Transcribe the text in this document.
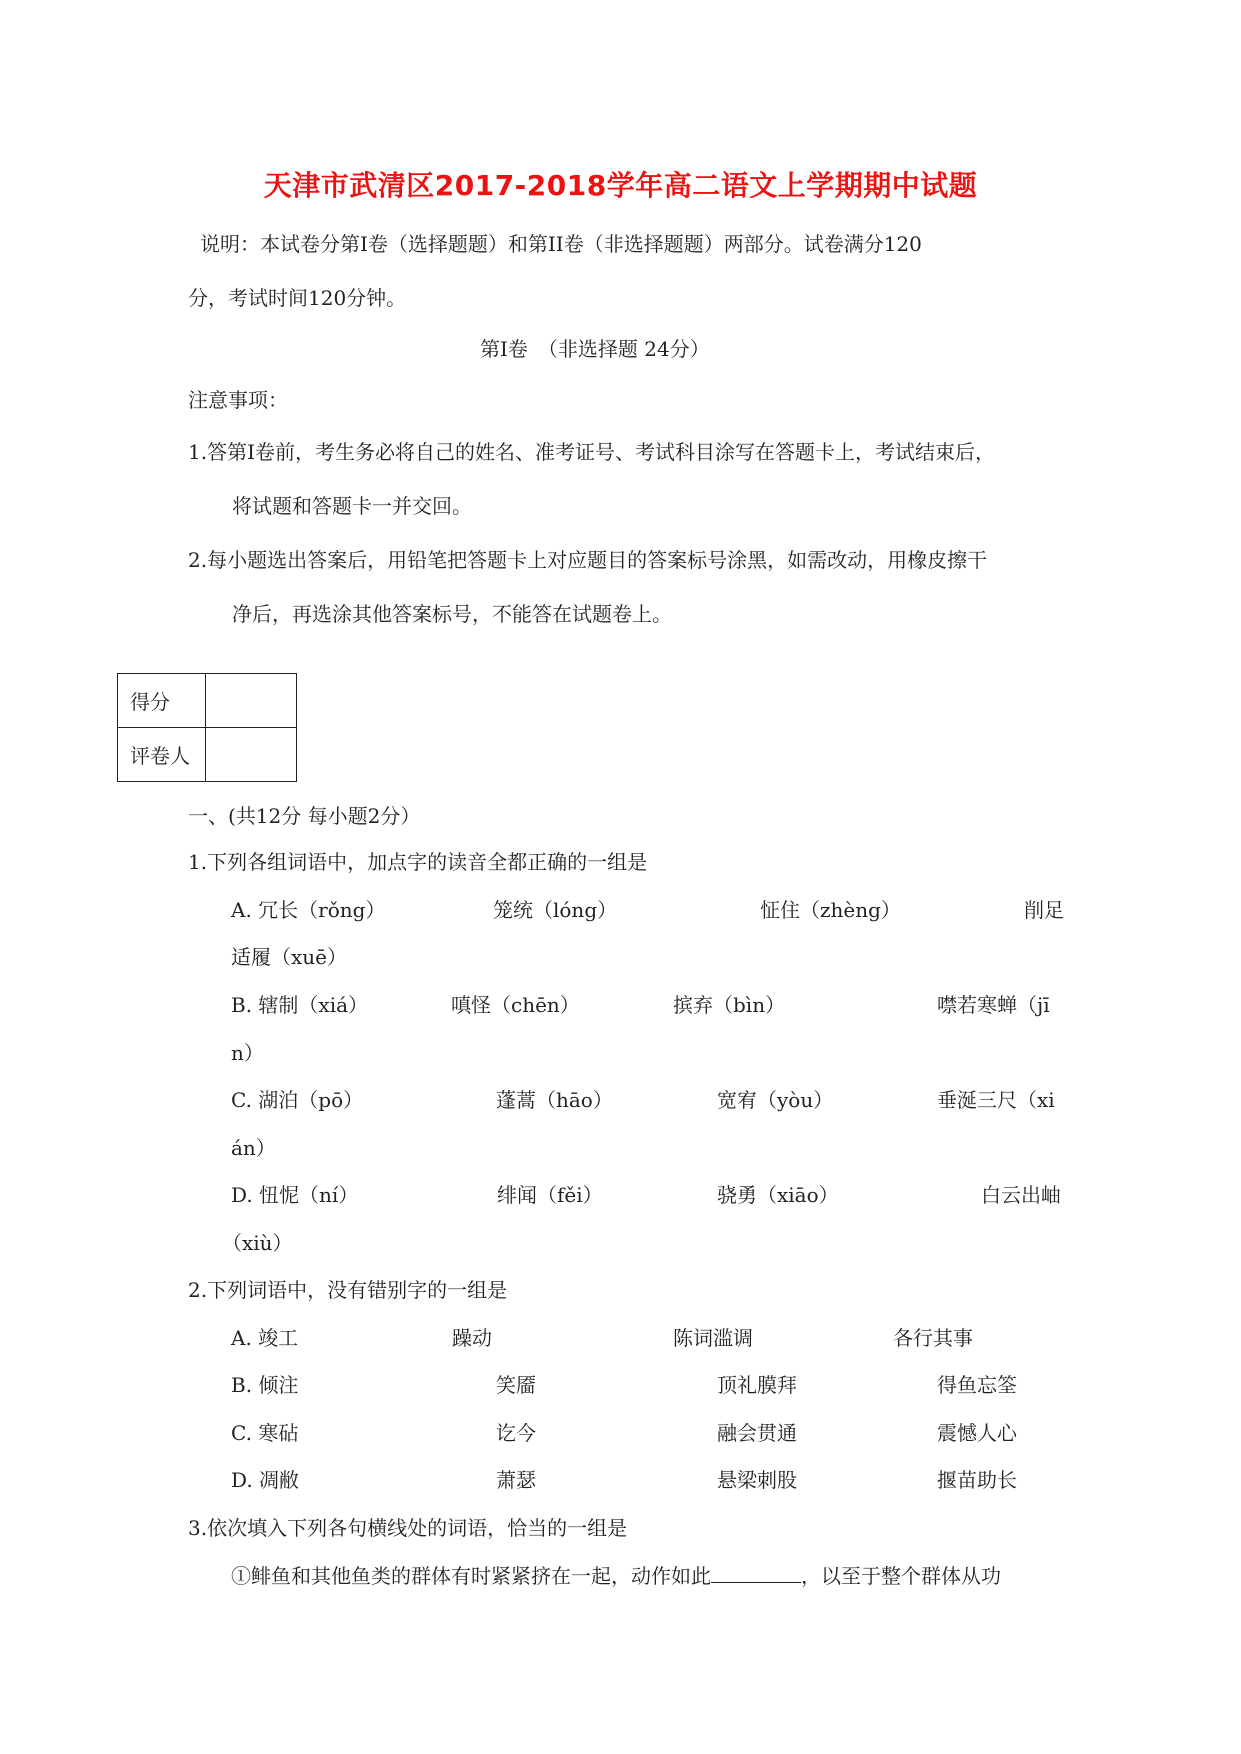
天津市武清区2017-2018学年高二语文上学期期中试题
说明：本试卷分第Ⅰ卷（选择题题）和第II卷（非选择题题）两部分。试卷满分120
分，考试时间120分钟。
第Ⅰ卷　（非选择题 24分）
注意事项：
1.答第Ⅰ卷前，考生务必将自己的姓名、准考证号、考试科目涂写在答题卡上，考试结束后，
将试题和答题卡一并交回。
2.每小题选出答案后，用铅笔把答题卡上对应题目的答案标号涂黑，如需改动，用橡皮擦干
净后，再选涂其他答案标号，不能答在试题卷上。
得分	
评卷人	
一、(共12分 每小题2分）
1.下列各组词语中，加点字的读音全都正确的一组是
A. 冗长（rǒng）	笼统（lóng）	怔住（zhèng）	削足
适履（xuē）
B. 辖制（xiá）	嗔怪（chēn）	摈弃（bìn）	噤若寒蝉（jī
n）
C. 湖泊（pō）	蓬蒿（hāo）	宽宥（yòu）	垂涎三尺（xi
án）
D. 忸怩（ní）	绯闻（fěi）	骁勇（xiāo）	白云出岫
（xiù）
2.下列词语中，没有错别字的一组是
A. 竣工	躁动	陈词滥调	各行其事
B. 倾注	笑靥	顶礼膜拜	得鱼忘筌
C. 寒砧	讫今	融会贯通	震憾人心
D. 凋敝	萧瑟	悬梁刺股	揠苗助长
3.依次填入下列各句横线处的词语，恰当的一组是
①鲱鱼和其他鱼类的群体有时紧紧挤在一起，动作如此	，以至于整个群体从功
